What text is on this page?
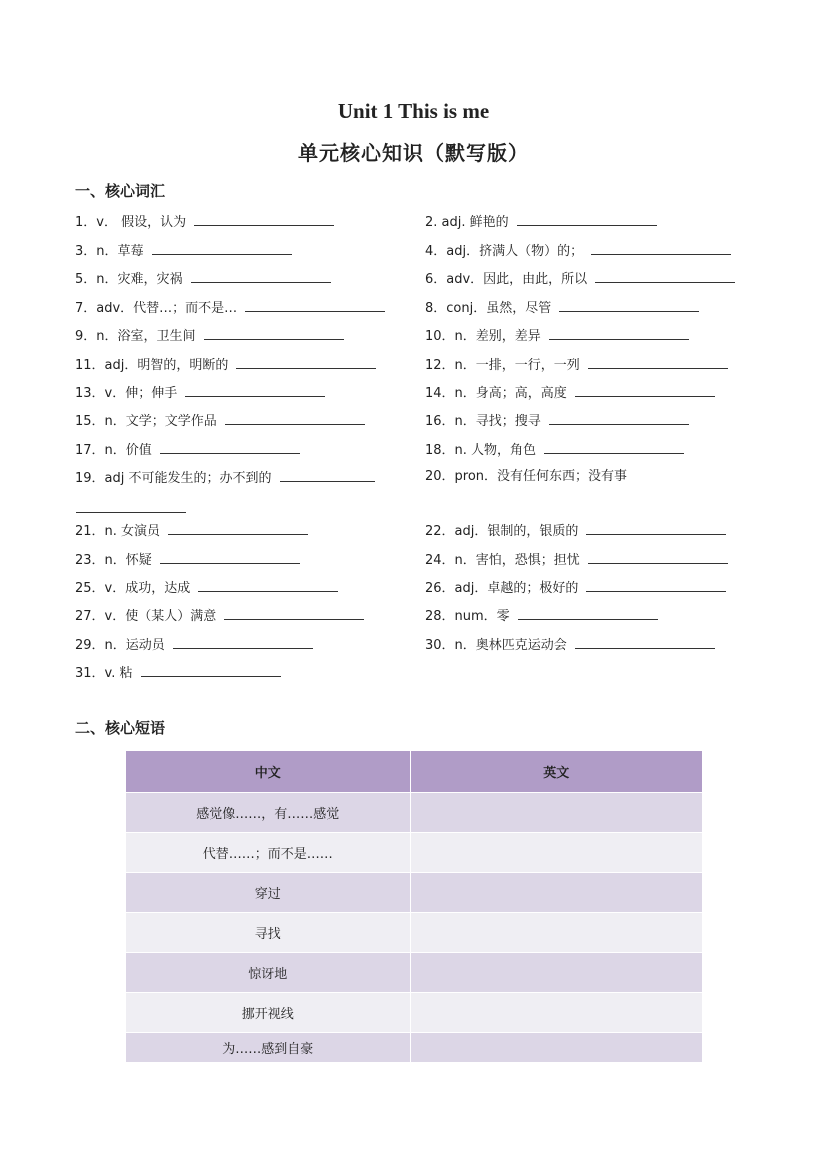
Unit 1 This is me
单元核心知识（默写版）
一、核心词汇
1．v． 假设，认为	2. adj. 鲜艳的
3．n．草莓	4．adj．挤满人（物）的；
5．n．灾难，灾祸	6．adv．因此，由此，所以
7．adv．代替…；而不是…	8．conj．虽然，尽管
9．n．浴室，卫生间	10．n．差别，差异
11．adj．明智的，明断的	12．n．一排，一行，一列
13．v．伸；伸手	14．n．身高；高，高度
15．n．文学；文学作品	16．n．寻找；搜寻
17．n．价值	18．n. 人物，角色
19．adj 不可能发生的；办不到的	20．pron．没有任何东西；没有事
21．n. 女演员	22．adj．银制的，银质的
23．n．怀疑	24．n．害怕，恐惧；担忧
25．v．成功，达成	26．adj．卓越的；极好的
27．v．使（某人）满意	28．num．零
29．n．运动员	30．n．奥林匹克运动会
31．v. 粘
二、核心短语
中文	英文
感觉像……，有……感觉	
代替……；而不是……	
穿过	
寻找	
惊讶地	
挪开视线	
为……感到自豪	
